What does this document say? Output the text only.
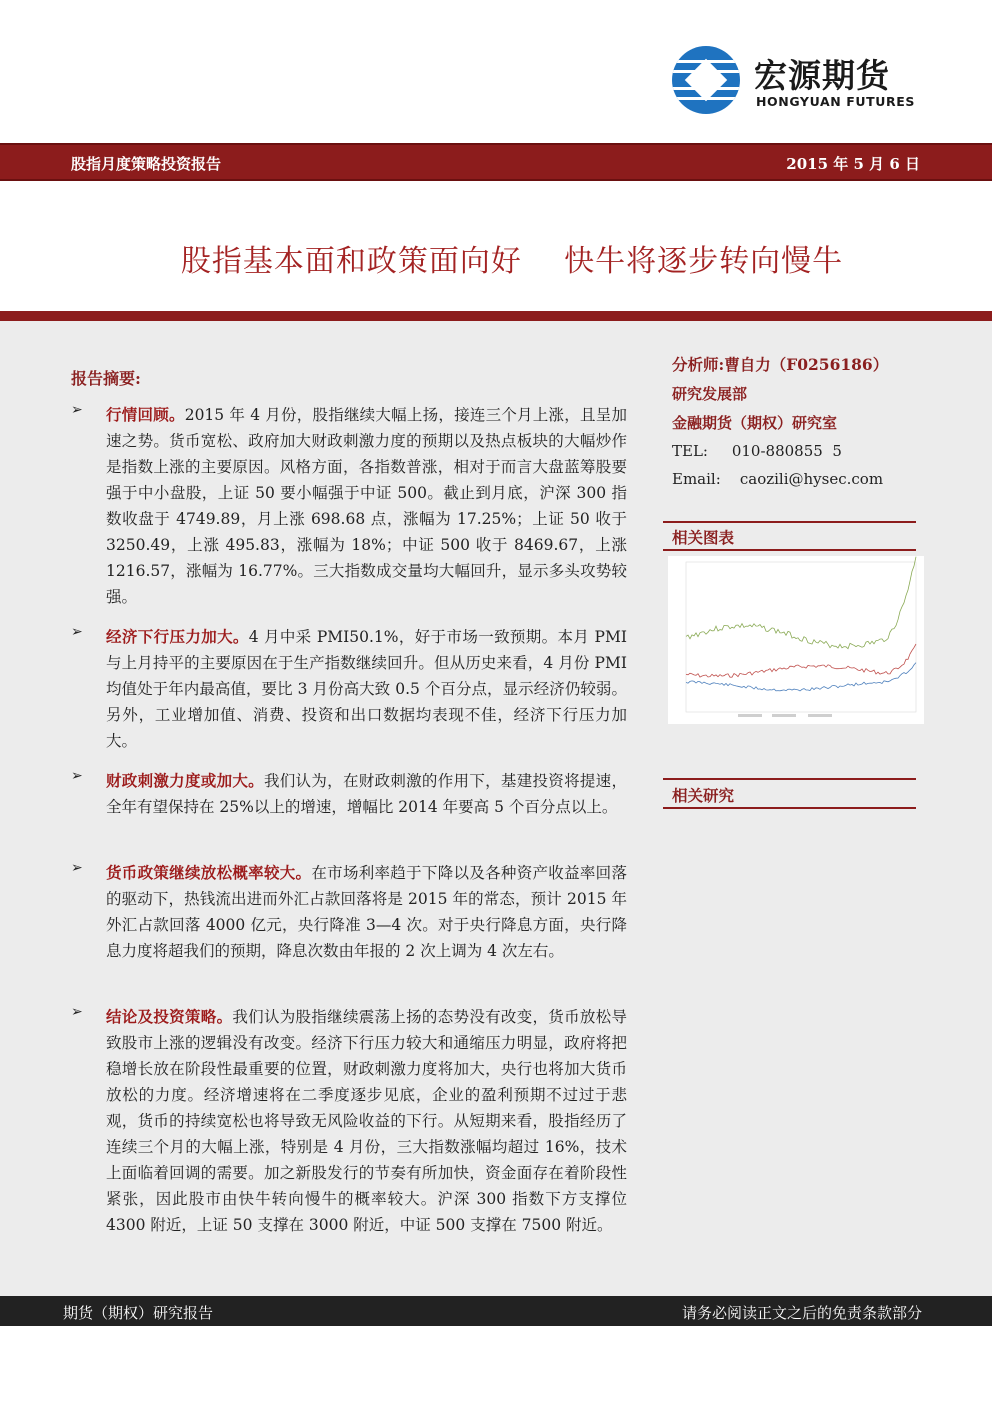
宏源期货
HONGYUAN FUTURES
股指月度策略投资报告	2015 年 5 月 6 日
股指基本面和政策面向好    快牛将逐步转向慢牛
报告摘要:
➢ 行情回顾。2015 年 4 月份，股指继续大幅上扬，接连三个月上涨，且呈加速之势。货币宽松、政府加大财政刺激力度的预期以及热点板块的大幅炒作是指数上涨的主要原因。风格方面，各指数普涨，相对于而言大盘蓝筹股要强于中小盘股，上证 50 要小幅强于中证 500。截止到月底，沪深 300 指数收盘于 4749.89，月上涨 698.68 点，涨幅为 17.25%；上证 50 收于 3250.49，上涨 495.83，涨幅为 18%；中证 500 收于 8469.67，上涨 1216.57，涨幅为 16.77%。三大指数成交量均大幅回升，显示多头攻势较强。
➢ 经济下行压力加大。4 月中采 PMI50.1%，好于市场一致预期。本月 PMI 与上月持平的主要原因在于生产指数继续回升。但从历史来看，4 月份 PMI 均值处于年内最高值，要比 3 月份高大致 0.5 个百分点，显示经济仍较弱。另外，工业增加值、消费、投资和出口数据均表现不佳，经济下行压力加大。
➢ 财政刺激力度或加大。我们认为，在财政刺激的作用下，基建投资将提速，全年有望保持在 25%以上的增速，增幅比 2014 年要高 5 个百分点以上。
➢ 货币政策继续放松概率较大。在市场利率趋于下降以及各种资产收益率回落的驱动下，热钱流出进而外汇占款回落将是 2015 年的常态，预计 2015 年外汇占款回落 4000 亿元，央行降准 3—4 次。对于央行降息方面，央行降息力度将超我们的预期，降息次数由年报的 2 次上调为 4 次左右。
➢ 结论及投资策略。我们认为股指继续震荡上扬的态势没有改变，货币放松导致股市上涨的逻辑没有改变。经济下行压力较大和通缩压力明显，政府将把稳增长放在阶段性最重要的位置，财政刺激力度将加大，央行也将加大货币放松的力度。经济增速将在二季度逐步见底，企业的盈利预期不过过于悲观，货币的持续宽松也将导致无风险收益的下行。从短期来看，股指经历了连续三个月的大幅上涨，特别是 4 月份，三大指数涨幅均超过 16%，技术上面临着回调的需要。加之新股发行的节奏有所加快，资金面存在着阶段性紧张，因此股市由快牛转向慢牛的概率较大。沪深 300 指数下方支撑位 4300 附近，上证 50 支撑在 3000 附近，中证 500 支撑在 7500 附近。
分析师:曹自力（F0256186）
研究发展部
金融期货（期权）研究室
TEL: 010-880855  5
Email: caozili@hysec.com
相关图表
相关研究
期货（期权）研究报告	请务必阅读正文之后的免责条款部分
